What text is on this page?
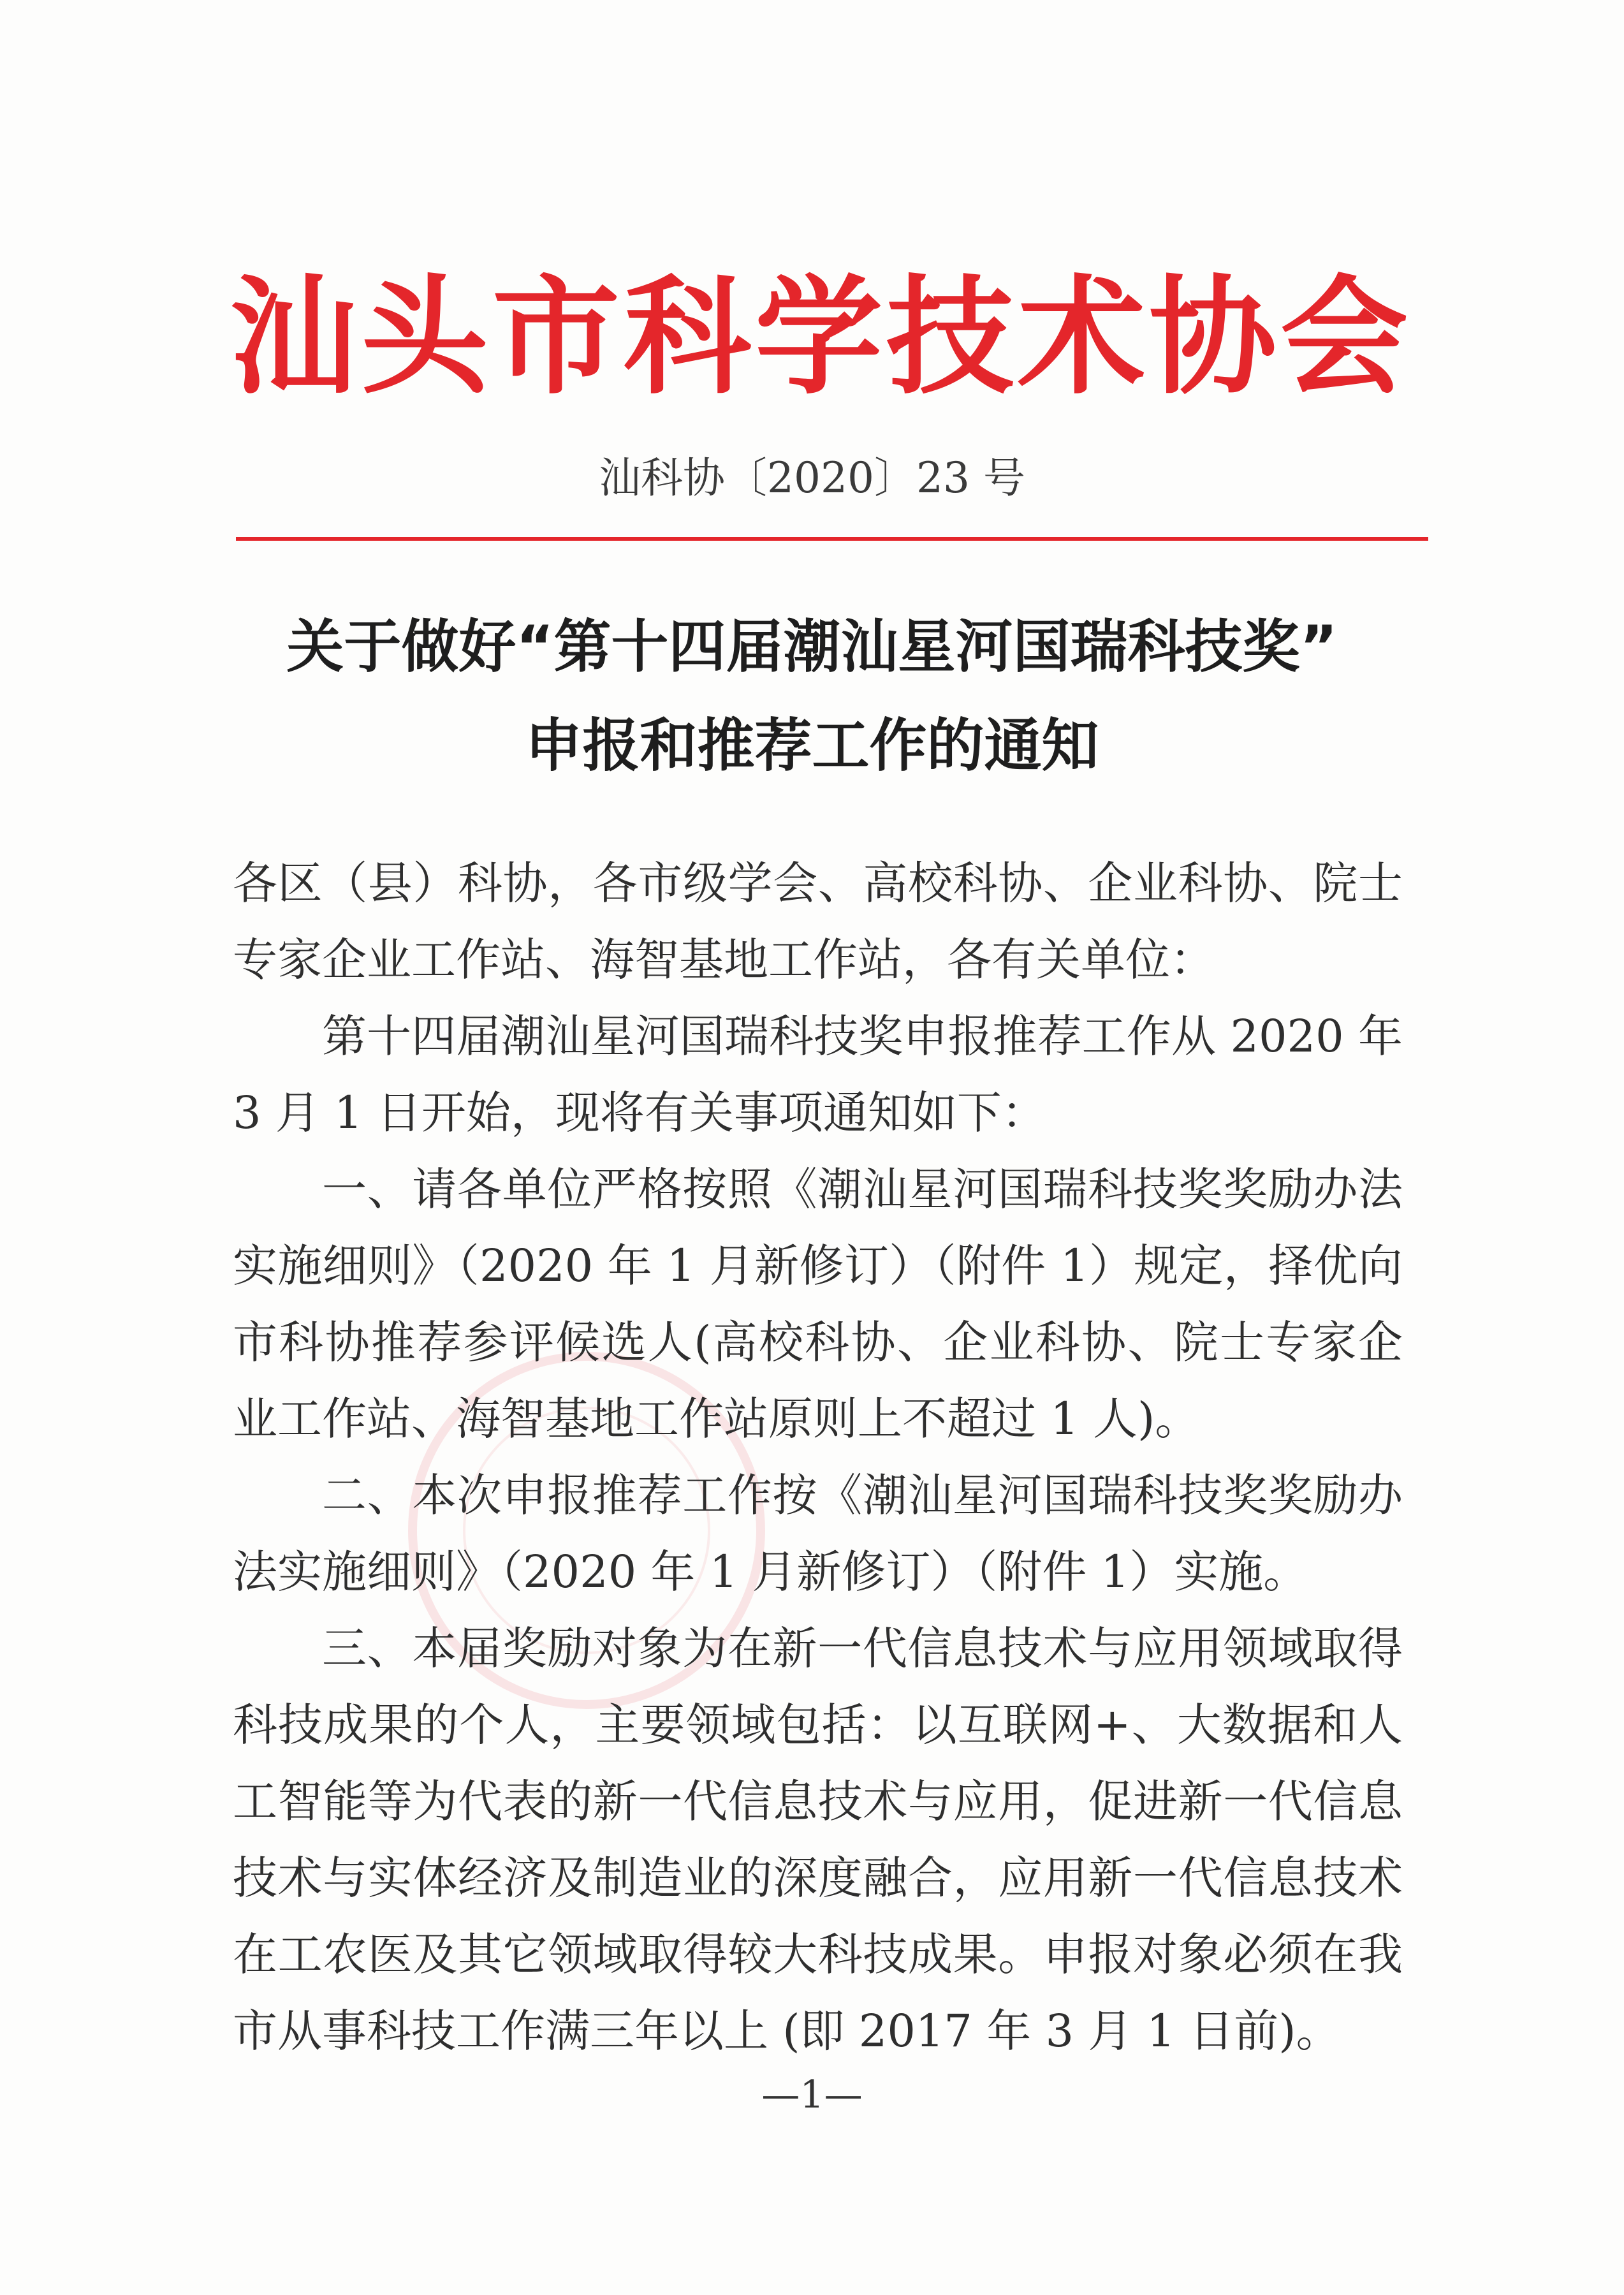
汕头市科学技术协会
汕科协〔2020〕23 号
关于做好“第十四届潮汕星河国瑞科技奖”
申报和推荐工作的通知

各区（县）科协，各市级学会、高校科协、企业科协、院士专家企业工作站、海智基地工作站，各有关单位：

第十四届潮汕星河国瑞科技奖申报推荐工作从 2020 年 3 月 1 日开始，现将有关事项通知如下：

一、请各单位严格按照《潮汕星河国瑞科技奖奖励办法实施细则》（2020 年 1 月新修订）（附件 1）规定，择优向市科协推荐参评候选人(高校科协、企业科协、院士专家企业工作站、海智基地工作站原则上不超过 1 人)。

二、本次申报推荐工作按《潮汕星河国瑞科技奖奖励办法实施细则》（2020 年 1 月新修订）（附件 1）实施。

三、本届奖励对象为在新一代信息技术与应用领域取得科技成果的个人，主要领域包括：以互联网+、大数据和人工智能等为代表的新一代信息技术与应用，促进新一代信息技术与实体经济及制造业的深度融合，应用新一代信息技术在工农医及其它领域取得较大科技成果。申报对象必须在我市从事科技工作满三年以上 (即 2017 年 3 月 1 日前)。

—1—
